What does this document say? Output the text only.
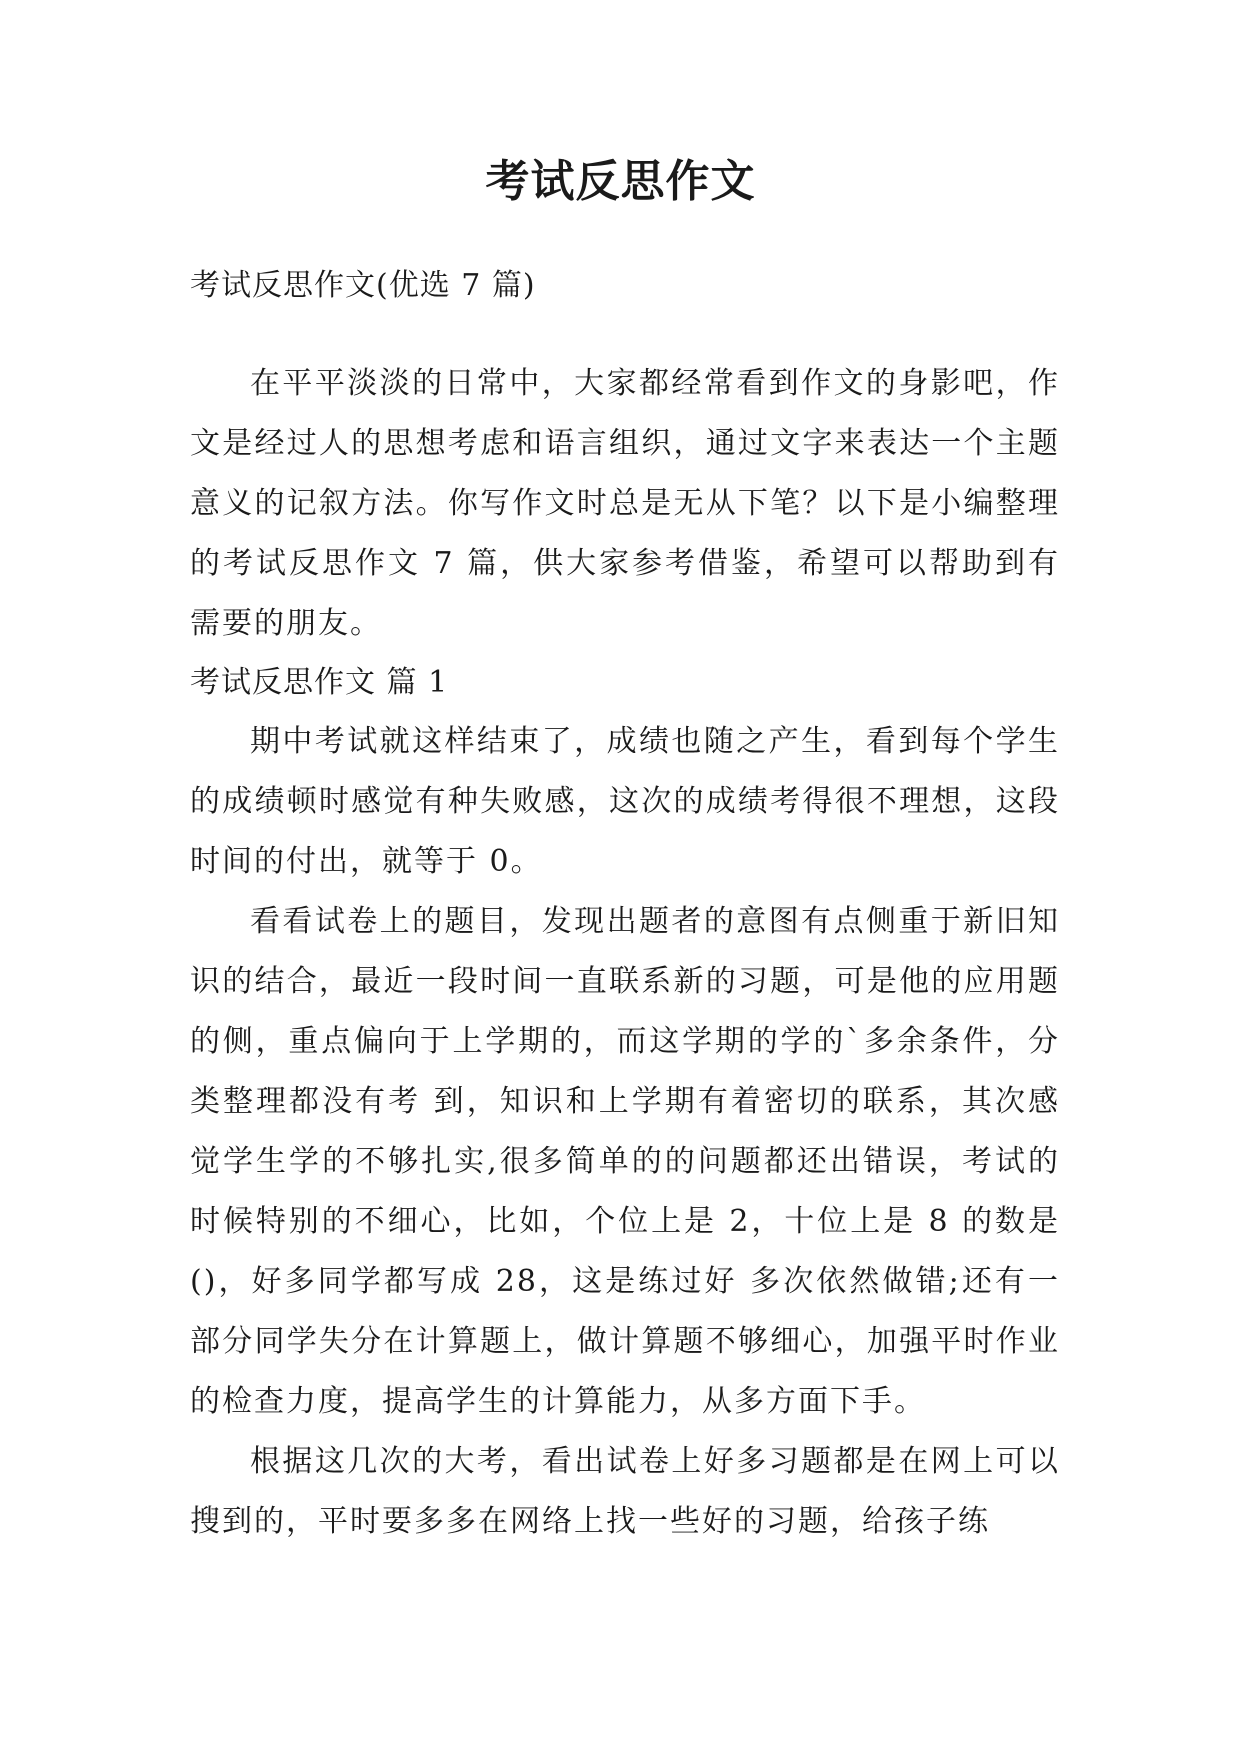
考试反思作文

考试反思作文(优选 7 篇)

在平平淡淡的日常中，大家都经常看到作文的身影吧，作文是经过人的思想考虑和语言组织，通过文字来表达一个主题意义的记叙方法。你写作文时总是无从下笔？以下是小编整理的考试反思作文 7 篇，供大家参考借鉴，希望可以帮助到有需要的朋友。

考试反思作文 篇 1

期中考试就这样结束了，成绩也随之产生，看到每个学生的成绩顿时感觉有种失败感，这次的成绩考得很不理想，这段时间的付出，就等于 0。

看看试卷上的题目，发现出题者的意图有点侧重于新旧知识的结合，最近一段时间一直联系新的习题，可是他的应用题的侧，重点偏向于上学期的，而这学期的学的`多余条件，分类整理都没有考 到，知识和上学期有着密切的联系，其次感觉学生学的不够扎实,很多简单的的问题都还出错误，考试的时候特别的不细心，比如，个位上是 2，十位上是 8 的数是()，好多同学都写成 28，这是练过好 多次依然做错;还有一部分同学失分在计算题上，做计算题不够细心，加强平时作业的检查力度，提高学生的计算能力，从多方面下手。

根据这几次的大考，看出试卷上好多习题都是在网上可以搜到的，平时要多多在网络上找一些好的习题，给孩子练
